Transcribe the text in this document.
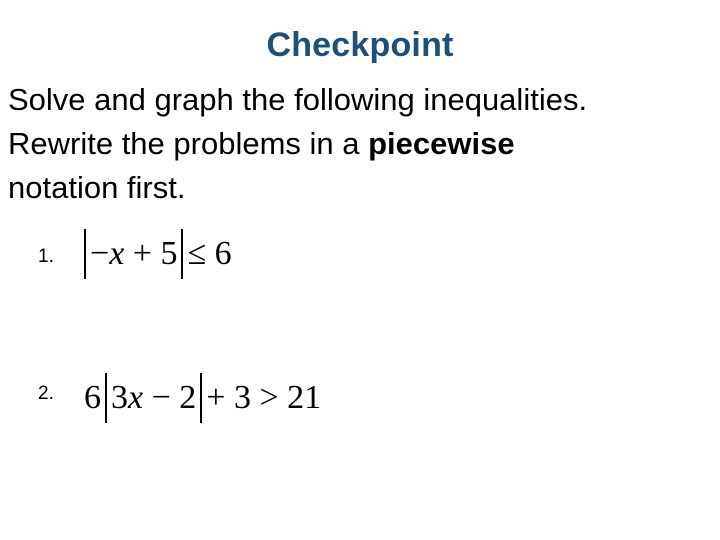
Checkpoint
Solve and graph the following inequalities.
Rewrite the problems in a piecewise
notation first.
1. − x + 5 ≤ 6
2. 6 3 x − 2 + 3 > 21
